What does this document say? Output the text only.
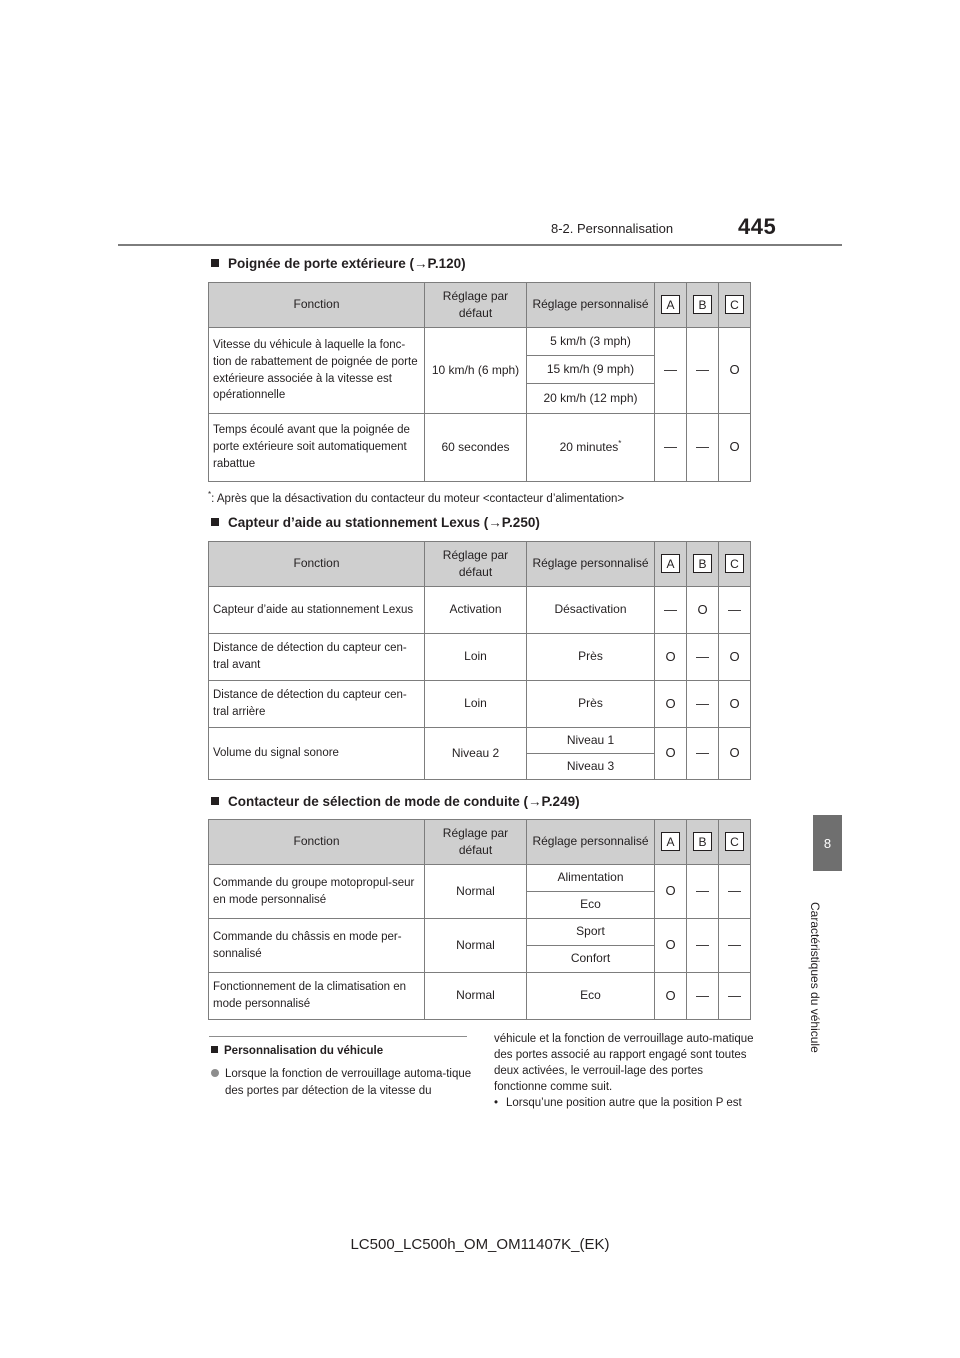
445
8-2. Personnalisation
8
Caractéristiques du véhicule
Poignée de porte extérieure (→P.120)
Fonction	Réglage par défaut	Réglage personnalisé	A	B	C
Vitesse du véhicule à laquelle la fonc-tion de rabattement de poignée de porte extérieure associée à la vitesse est opérationnelle	10 km/h (6 mph)	5 km/h (3 mph)	—	—	O
		15 km/h (9 mph)			
		20 km/h (12 mph)			
Temps écoulé avant que la poignée de porte extérieure soit automatiquement rabattue	60 secondes	20 minutes*	—	—	O
*: Après que la désactivation du contacteur du moteur <contacteur d’alimentation>
Capteur d’aide au stationnement Lexus (→P.250)
Fonction	Réglage par défaut	Réglage personnalisé	A	B	C
Capteur d’aide au stationnement Lexus	Activation	Désactivation	—	O	—
Distance de détection du capteur cen-tral avant	Loin	Près	O	—	O
Distance de détection du capteur cen-tral arrière	Loin	Près	O	—	O
Volume du signal sonore	Niveau 2	Niveau 1	O	—	O
		Niveau 3			
Contacteur de sélection de mode de conduite (→P.249)
Fonction	Réglage par défaut	Réglage personnalisé	A	B	C
Commande du groupe motopropul-seur en mode personnalisé	Normal	Alimentation	O	—	—
		Eco			
Commande du châssis en mode per-sonnalisé	Normal	Sport	O	—	—
		Confort			
Fonctionnement de la climatisation en mode personnalisé	Normal	Eco	O	—	—
Personnalisation du véhicule
Lorsque la fonction de verrouillage automa-tique des portes par détection de la vitesse du
véhicule et la fonction de verrouillage auto-matique des portes associé au rapport engagé sont toutes deux activées, le verrouil-lage des portes fonctionne comme suit.
• Lorsqu’une position autre que la position P est
LC500_LC500h_OM_OM11407K_(EK)
